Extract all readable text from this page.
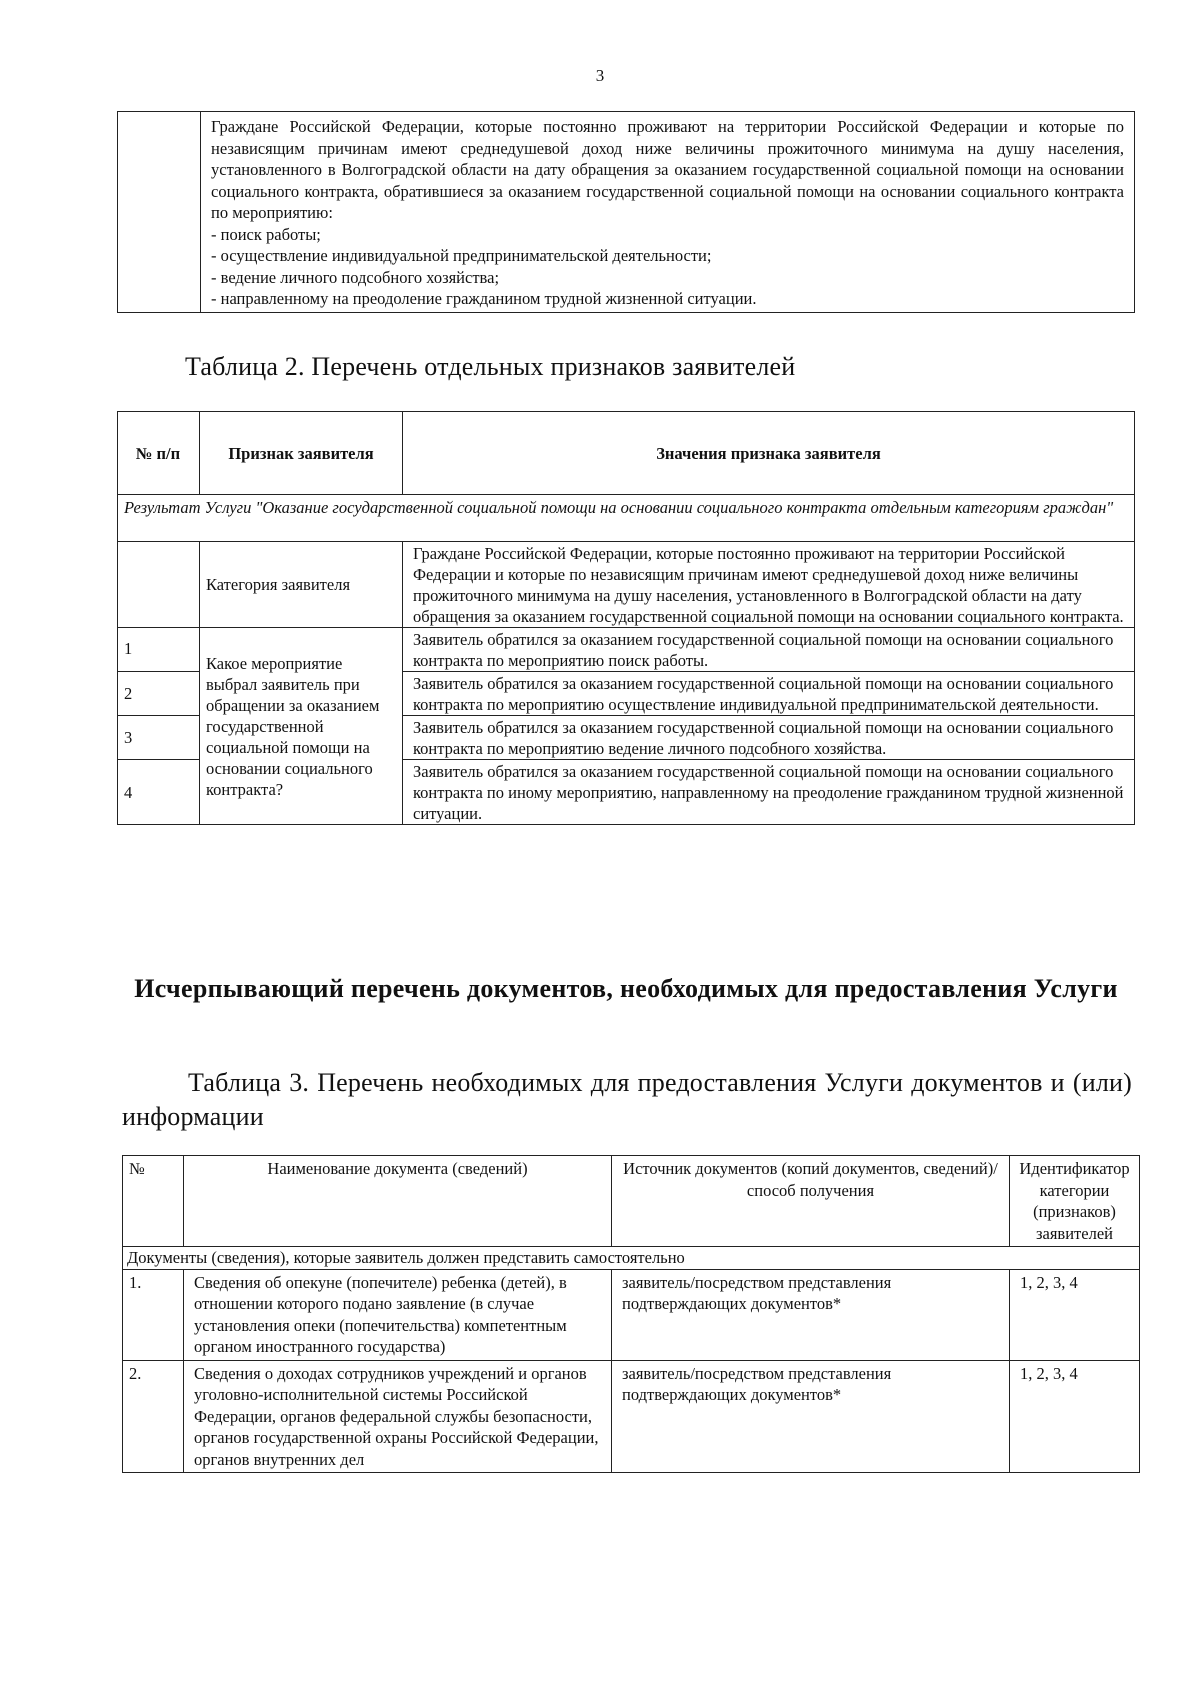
3

Граждане Российской Федерации, которые постоянно проживают на территории Российской Федерации и которые по независящим причинам имеют среднедушевой доход ниже величины прожиточного минимума на душу населения, установленного в Волгоградской области на дату обращения за оказанием государственной социальной помощи на основании социального контракта, обратившиеся за оказанием государственной социальной помощи на основании социального контракта по мероприятию:
- поиск работы;
- осуществление индивидуальной предпринимательской деятельности;
- ведение личного подсобного хозяйства;
- направленному на преодоление гражданином трудной жизненной ситуации.
Таблица 2. Перечень отдельных признаков заявителей
№ п/п	Признак заявителя	Значения признака заявителя
Результат Услуги "Оказание государственной социальной помощи на основании социального контракта отдельным категориям граждан"		
	Категория заявителя	Граждане Российской Федерации, которые постоянно проживают на территории Российской Федерации и которые по независящим причинам имеют среднедушевой доход ниже величины прожиточного минимума на душу населения, установленного в Волгоградской области на дату обращения за оказанием государственной социальной помощи на основании социального контракта.
1	Какое мероприятие выбрал заявитель при обращении за оказанием государственной социальной помощи на основании социального контракта?	Заявитель обратился за оказанием государственной социальной помощи на основании социального контракта по мероприятию поиск работы.
2		Заявитель обратился за оказанием государственной социальной помощи на основании социального контракта по мероприятию осуществление индивидуальной предпринимательской деятельности.
3		Заявитель обратился за оказанием государственной социальной помощи на основании социального контракта по мероприятию ведение личного подсобного хозяйства.
4		Заявитель обратился за оказанием государственной социальной помощи на основании социального контракта по иному мероприятию, направленному на преодоление гражданином трудной жизненной ситуации.
Исчерпывающий перечень документов, необходимых для предоставления Услуги
Таблица 3. Перечень необходимых для предоставления Услуги документов и (или) информации
№	Наименование документа (сведений)	Источник документов (копий документов, сведений)/способ получения	Идентификатор категории (признаков) заявителей
Документы (сведения), которые заявитель должен представить самостоятельно			
1.	Сведения об опекуне (попечителе) ребенка (детей), в отношении которого подано заявление (в случае установления опеки (попечительства) компетентным органом иностранного государства)	заявитель/посредством представления подтверждающих документов*	1, 2, 3, 4
2.	Сведения о доходах сотрудников учреждений и органов уголовно-исполнительной системы Российской Федерации, органов федеральной службы безопасности, органов государственной охраны Российской Федерации, органов внутренних дел	заявитель/посредством представления подтверждающих документов*	1, 2, 3, 4
